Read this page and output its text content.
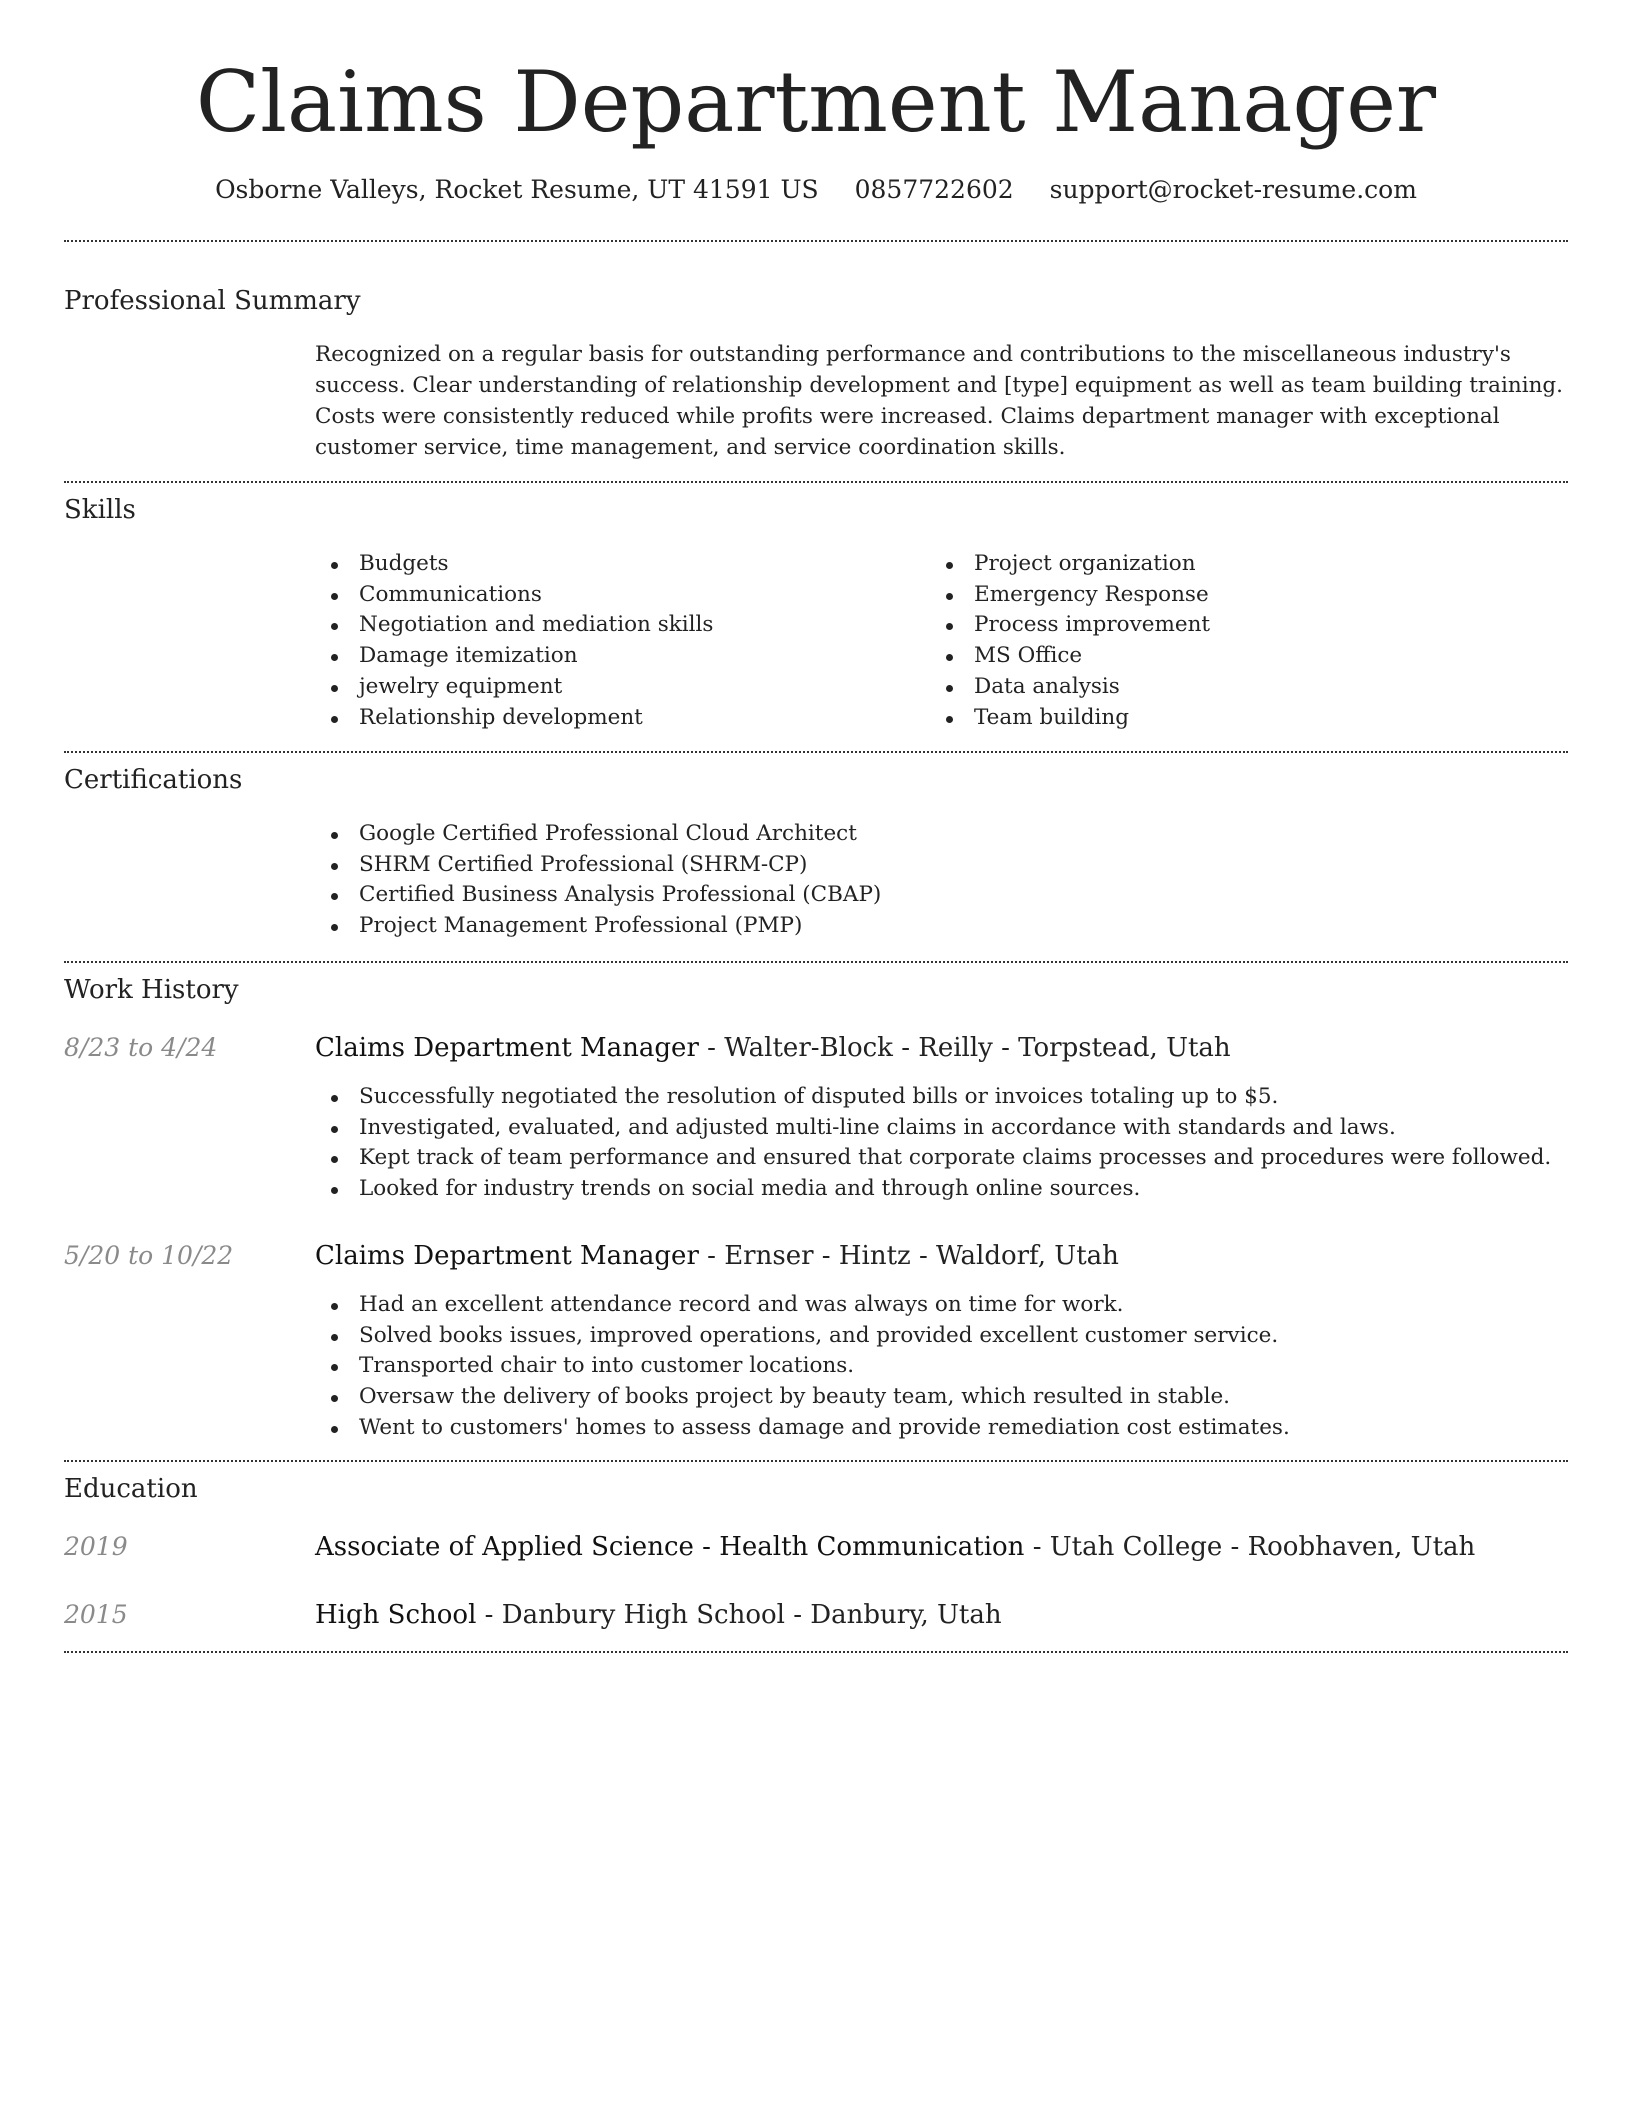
Claims Department Manager
Osborne Valleys, Rocket Resume, UT 41591 US 0857722602 support@rocket-resume.com
Professional Summary

Recognized on a regular basis for outstanding performance and contributions to the miscellaneous industry's success. Clear understanding of relationship development and [type] equipment as well as team building training. Costs were consistently reduced while profits were increased. Claims department manager with exceptional customer service, time management, and service coordination skills.

Skills
Budgets
Communications
Negotiation and mediation skills
Damage itemization
jewelry equipment
Relationship development
Project organization
Emergency Response
Process improvement
MS Office
Data analysis
Team building
Certifications
Google Certified Professional Cloud Architect
SHRM Certified Professional (SHRM-CP)
Certified Business Analysis Professional (CBAP)
Project Management Professional (PMP)
Work History
8/23 to 4/24	Claims Department Manager - Walter-Block - Reilly - Torpstead, Utah
Successfully negotiated the resolution of disputed bills or invoices totaling up to $5.
Investigated, evaluated, and adjusted multi-line claims in accordance with standards and laws.
Kept track of team performance and ensured that corporate claims processes and procedures were followed.
Looked for industry trends on social media and through online sources.
5/20 to 10/22	Claims Department Manager - Ernser - Hintz - Waldorf, Utah
Had an excellent attendance record and was always on time for work.
Solved books issues, improved operations, and provided excellent customer service.
Transported chair to into customer locations.
Oversaw the delivery of books project by beauty team, which resulted in stable.
Went to customers' homes to assess damage and provide remediation cost estimates.
Education
2019	Associate of Applied Science - Health Communication - Utah College - Roobhaven, Utah
2015	High School - Danbury High School - Danbury, Utah
